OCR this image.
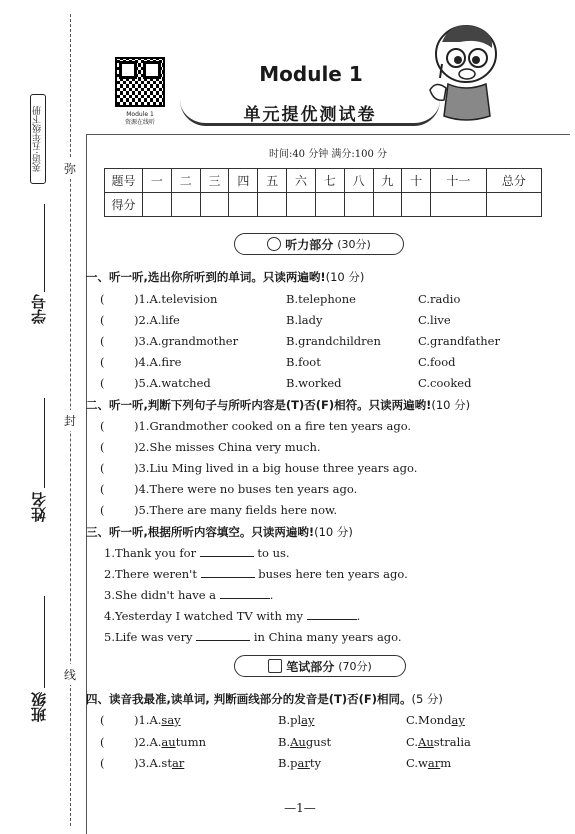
英语·五年级下册 弥
封
线
学号
姓名
班级
Module 1
资源在线听
Module 1
单元提优测试卷
时间:40 分钟 满分:100 分
题号	一	二	三	四	五	六	七	八	九	十	十一	总分
得分												
听力部分 (30分)
一、听一听,选出你所听到的单词。只读两遍哟!(10 分)
(	)1.A.television	B.telephone	C.radio
(	)2.A.life	B.lady	C.live
(	)3.A.grandmother	B.grandchildren	C.grandfather
(	)4.A.fire	B.foot	C.food
(	)5.A.watched	B.worked	C.cooked
二、听一听,判断下列句子与所听内容是(T)否(F)相符。只读两遍哟!(10 分)
(	)1.Grandmother cooked on a fire ten years ago.
(	)2.She misses China very much.
(	)3.Liu Ming lived in a big house three years ago.
(	)4.There were no buses ten years ago.
(	)5.There are many fields here now.
三、听一听,根据所听内容填空。只读两遍哟!(10 分)
1.Thank you for	to us.
2.There weren't	buses here ten years ago.
3.She didn't have a	.
4.Yesterday I watched TV with my	.
5.Life was very	in China many years ago.
笔试部分 (70分)
四、读音我最准,读单词, 判断画线部分的发音是(T)否(F)相同。(5 分)
(	)1.A.say	B.play	C.Monday
(	)2.A.autumn	B.August	C.Australia
(	)3.A.star	B.party	C.warm
—1—
